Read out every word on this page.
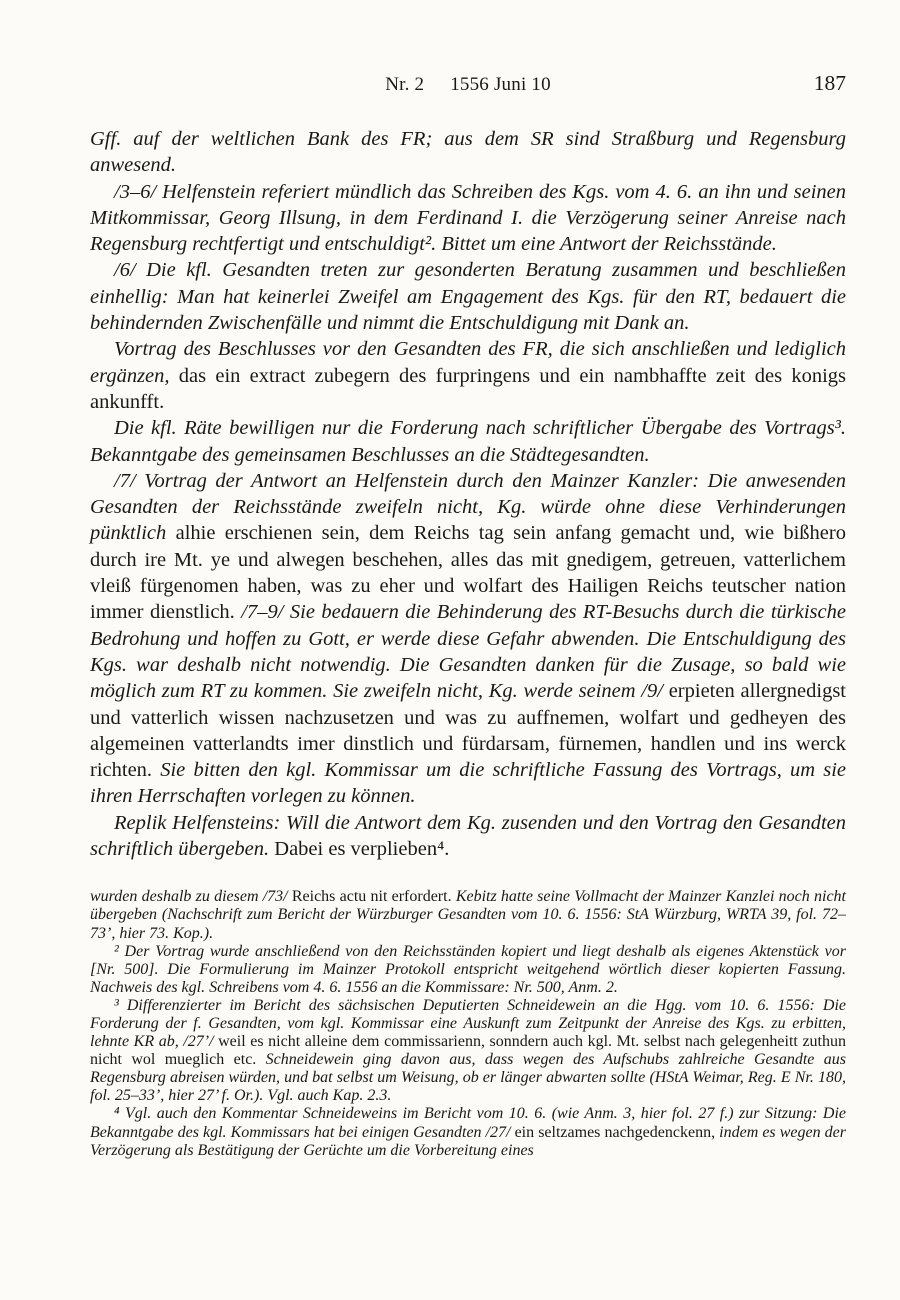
Nr. 2 1556 Juni 10	187

Gff. auf der weltlichen Bank des FR; aus dem SR sind Straßburg und Regensburg anwesend.

/3–6/ Helfenstein referiert mündlich das Schreiben des Kgs. vom 4. 6. an ihn und seinen Mitkommissar, Georg Illsung, in dem Ferdinand I. die Verzögerung seiner Anreise nach Regensburg rechtfertigt und entschuldigt². Bittet um eine Antwort der Reichsstände.

/6/ Die kfl. Gesandten treten zur gesonderten Beratung zusammen und beschließen einhellig: Man hat keinerlei Zweifel am Engagement des Kgs. für den RT, bedauert die behindernden Zwischenfälle und nimmt die Entschuldigung mit Dank an.

Vortrag des Beschlusses vor den Gesandten des FR, die sich anschließen und lediglich ergänzen, das ein extract zubegern des furpringens und ein nambhaffte zeit des konigs ankunfft.

Die kfl. Räte bewilligen nur die Forderung nach schriftlicher Übergabe des Vortrags³. Bekanntgabe des gemeinsamen Beschlusses an die Städtegesandten.

/7/ Vortrag der Antwort an Helfenstein durch den Mainzer Kanzler: Die anwesenden Gesandten der Reichsstände zweifeln nicht, Kg. würde ohne diese Verhinderungen pünktlich alhie erschienen sein, dem Reichs tag sein anfang gemacht und, wie bißhero durch ire Mt. ye und alwegen beschehen, alles das mit gnedigem, getreuen, vatterlichem vleiß fürgenomen haben, was zu eher und wolfart des Hailigen Reichs teutscher nation immer dienstlich. /7–9/ Sie bedauern die Behinderung des RT-Besuchs durch die türkische Bedrohung und hoffen zu Gott, er werde diese Gefahr abwenden. Die Entschuldigung des Kgs. war deshalb nicht notwendig. Die Gesandten danken für die Zusage, so bald wie möglich zum RT zu kommen. Sie zweifeln nicht, Kg. werde seinem /9/ erpieten allergnedigst und vatterlich wissen nachzusetzen und was zu auffnemen, wolfart und gedheyen des algemeinen vatterlandts imer dinstlich und fürdarsam, fürnemen, handlen und ins werck richten. Sie bitten den kgl. Kommissar um die schriftliche Fassung des Vortrags, um sie ihren Herrschaften vorlegen zu können.

Replik Helfensteins: Will die Antwort dem Kg. zusenden und den Vortrag den Gesandten schriftlich übergeben. Dabei es verplieben⁴.

wurden deshalb zu diesem /73/ Reichs actu nit erfordert. Kebitz hatte seine Vollmacht der Mainzer Kanzlei noch nicht übergeben (Nachschrift zum Bericht der Würzburger Gesandten vom 10. 6. 1556: StA Würzburg, WRTA 39, fol. 72–73’, hier 73. Kop.).

² Der Vortrag wurde anschließend von den Reichsständen kopiert und liegt deshalb als eigenes Aktenstück vor [Nr. 500]. Die Formulierung im Mainzer Protokoll entspricht weitgehend wörtlich dieser kopierten Fassung. Nachweis des kgl. Schreibens vom 4. 6. 1556 an die Kommissare: Nr. 500, Anm. 2.

³ Differenzierter im Bericht des sächsischen Deputierten Schneidewein an die Hgg. vom 10. 6. 1556: Die Forderung der f. Gesandten, vom kgl. Kommissar eine Auskunft zum Zeitpunkt der Anreise des Kgs. zu erbitten, lehnte KR ab, /27’/ weil es nicht alleine dem commissarienn, sonndern auch kgl. Mt. selbst nach gelegenheitt zuthun nicht wol mueglich etc. Schneidewein ging davon aus, dass wegen des Aufschubs zahlreiche Gesandte aus Regensburg abreisen würden, und bat selbst um Weisung, ob er länger abwarten sollte (HStA Weimar, Reg. E Nr. 180, fol. 25–33’, hier 27’ f. Or.). Vgl. auch Kap. 2.3.

⁴ Vgl. auch den Kommentar Schneideweins im Bericht vom 10. 6. (wie Anm. 3, hier fol. 27 f.) zur Sitzung: Die Bekanntgabe des kgl. Kommissars hat bei einigen Gesandten /27/ ein seltzames nachgedenckenn, indem es wegen der Verzögerung als Bestätigung der Gerüchte um die Vorbereitung eines
